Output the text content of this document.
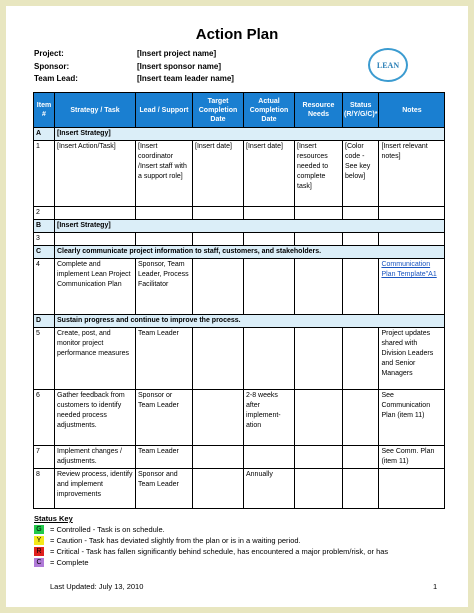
Action Plan
Project:	[Insert project name]
Sponsor:	[Insert sponsor name]
Team Lead:	[Insert team leader name]
LEAN
Item #	Strategy / Task	Lead / Support	Target Completion Date	Actual Completion Date	Resource Needs	Status (R/Y/G/C)*	Notes
A	[Insert Strategy]						
1	[Insert Action/Task]	[Insert coordinator /Insert staff with a support role]	[Insert date]	[Insert date]	[Insert resources needed to complete task]	[Color code - See key below]	[Insert relevant notes]
2							
B	[Insert Strategy]						
3							
C	Clearly communicate project information to staff, customers, and stakeholders.						
4	Complete and implement Lean Project Communication Plan	Sponsor, Team Leader, Process Facilitator					Communication Plan Template"A1
D	Sustain progress and continue to improve the process.						
5	Create, post, and monitor project performance measures	Team Leader					Project updates shared with Division Leaders and Senior Managers
6	Gather feedback from customers to identify needed process adjustments.	Sponsor or Team Leader		2-8 weeks after implement-ation			See Communication Plan (item 11)
7	Implement changes / adjustments.	Team Leader					See Comm. Plan (item 11)
8	Review process, identify and implement improvements	Sponsor and Team Leader		Annually			
Status Key
G	= Controlled - Task is on schedule.
Y	= Caution - Task has deviated slightly from the plan or is in a waiting period.
R	= Critical - Task has fallen significantly behind schedule, has encountered a major problem/risk, or has
C	= Complete
Last Updated: July 13, 2010	1
